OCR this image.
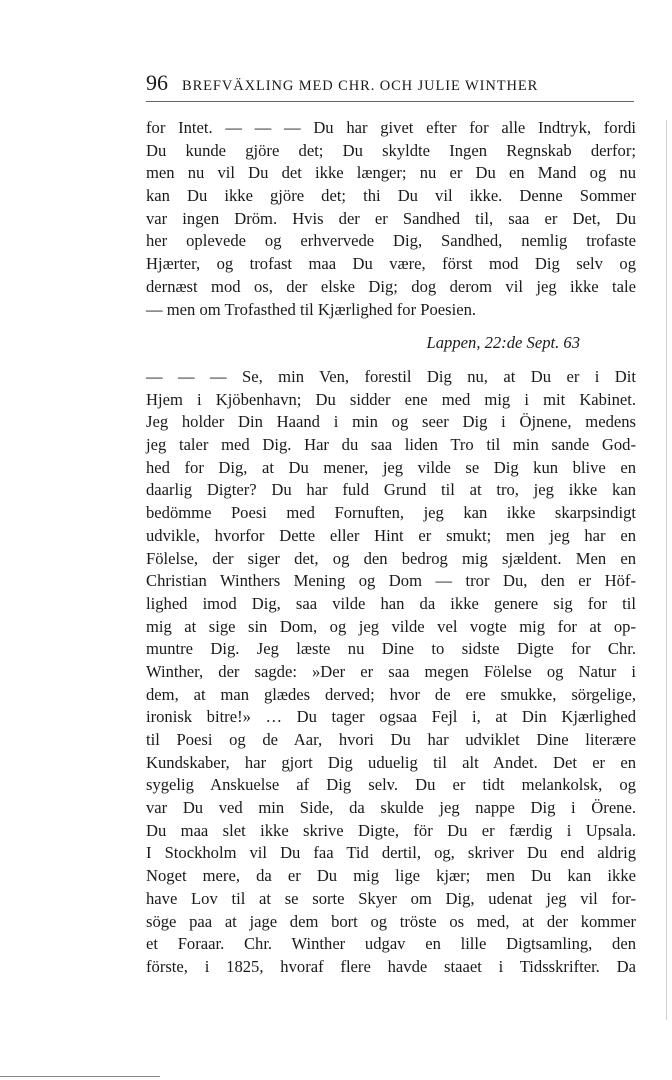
96 BREFVÄXLING MED CHR. OCH JULIE WINTHER
for Intet. — — — Du har givet efter for alle Indtryk, fordi
Du kunde gjöre det; Du skyldte Ingen Regnskab derfor;
men nu vil Du det ikke længer; nu er Du en Mand og nu
kan Du ikke gjöre det; thi Du vil ikke. Denne Sommer
var ingen Dröm. Hvis der er Sandhed til, saa er Det, Du
her oplevede og erhvervede Dig, Sandhed, nemlig trofaste
Hjærter, og trofast maa Du være, först mod Dig selv og
dernæst mod os, der elske Dig; dog derom vil jeg ikke tale
— men om Trofasthed til Kjærlighed for Poesien.
Lappen, 22:de Sept. 63
— — — Se, min Ven, forestil Dig nu, at Du er i Dit
Hjem i Kjöbenhavn; Du sidder ene med mig i mit Kabinet.
Jeg holder Din Haand i min og seer Dig i Öjnene, medens
jeg taler med Dig. Har du saa liden Tro til min sande God-
hed for Dig, at Du mener, jeg vilde se Dig kun blive en
daarlig Digter? Du har fuld Grund til at tro, jeg ikke kan
bedömme Poesi med Fornuften, jeg kan ikke skarpsindigt
udvikle, hvorfor Dette eller Hint er smukt; men jeg har en
Fölelse, der siger det, og den bedrog mig sjældent. Men en
Christian Winthers Mening og Dom — tror Du, den er Höf-
lighed imod Dig, saa vilde han da ikke genere sig for til
mig at sige sin Dom, og jeg vilde vel vogte mig for at op-
muntre Dig. Jeg læste nu Dine to sidste Digte for Chr.
Winther, der sagde: »Der er saa megen Fölelse og Natur i
dem, at man glædes derved; hvor de ere smukke, sörgelige,
ironisk bitre!» … Du tager ogsaa Fejl i, at Din Kjærlighed
til Poesi og de Aar, hvori Du har udviklet Dine literære
Kundskaber, har gjort Dig uduelig til alt Andet. Det er en
sygelig Anskuelse af Dig selv. Du er tidt melankolsk, og
var Du ved min Side, da skulde jeg nappe Dig i Örene.
Du maa slet ikke skrive Digte, för Du er færdig i Upsala.
I Stockholm vil Du faa Tid dertil, og, skriver Du end aldrig
Noget mere, da er Du mig lige kjær; men Du kan ikke
have Lov til at se sorte Skyer om Dig, udenat jeg vil for-
söge paa at jage dem bort og tröste os med, at der kommer
et Foraar. Chr. Winther udgav en lille Digtsamling, den
förste, i 1825, hvoraf flere havde staaet i Tidsskrifter. Da
